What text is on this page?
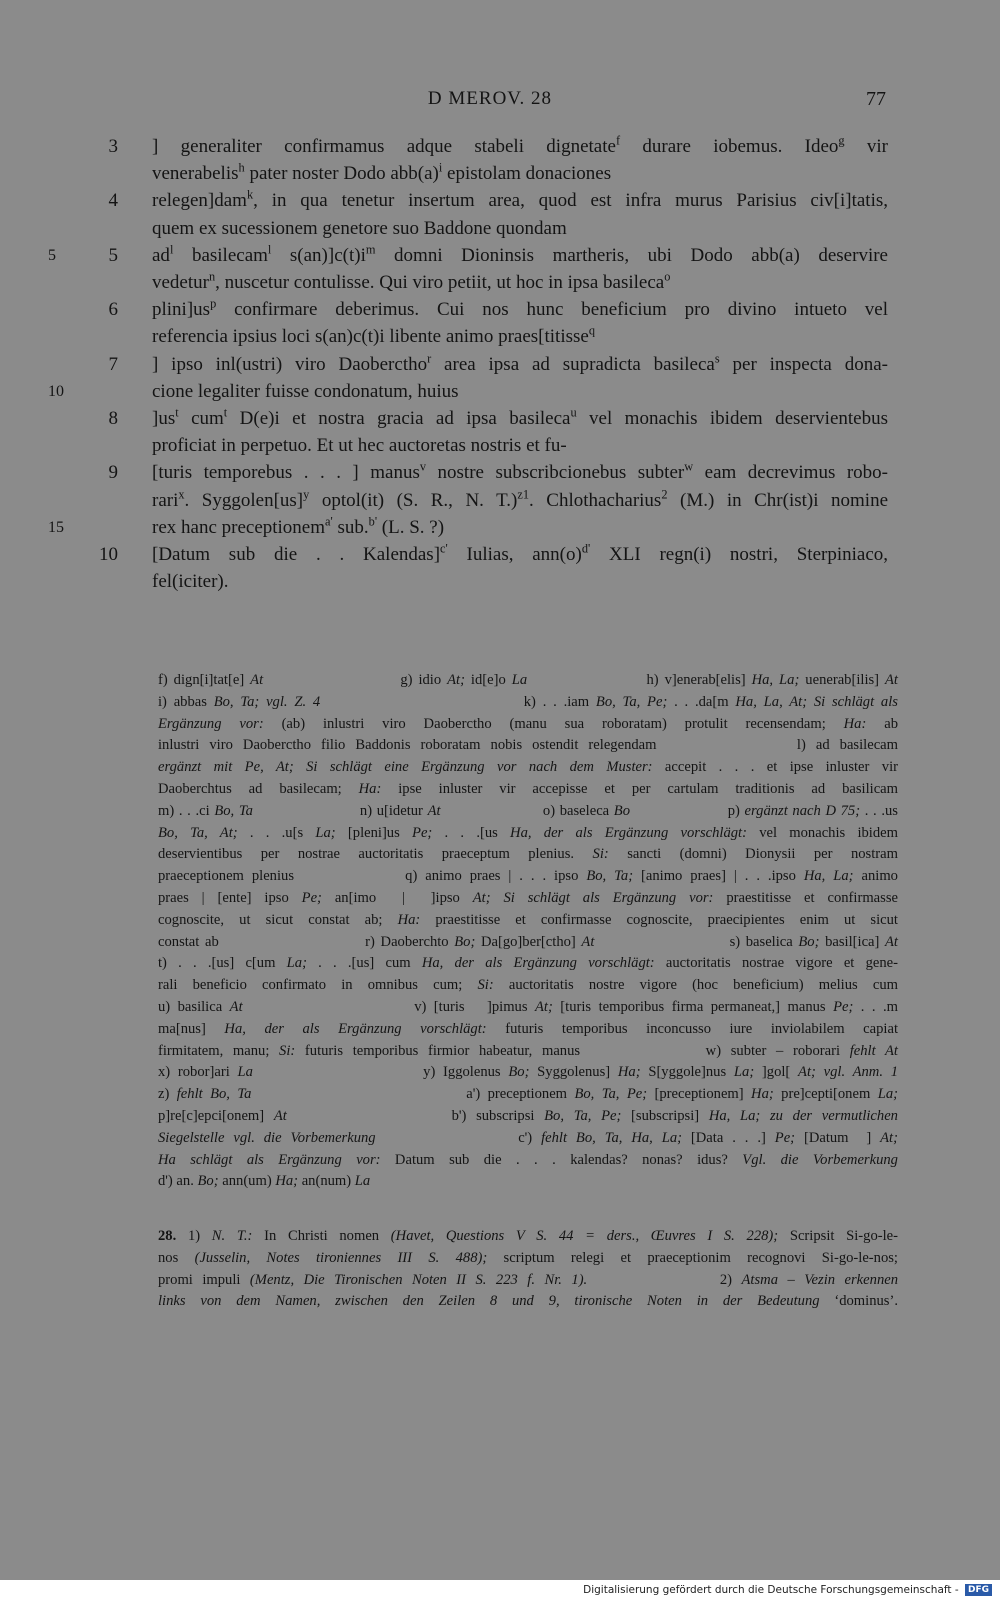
D MEROV. 28	77
3 ] generaliter confirmamus adque stabeli dignetate$^f$ durare iobemus. Ideo$^g$ vir
venerabelis$^h$ pater noster Dodo $abb(a)^i$ epistolam donaciones
4 relegen]dam$^k$, in qua tenetur insertum area, quod est infra murus Parisius civ[i]tatis,
quem ex sucessionem genetore suo Baddone quondam
5	5 $ad^l$ basilecam$^l$ $s(an)]c(t)i^m$ domni Dioninsis martheris, ubi Dodo abb(a) deservire
vedetur$^n$, nuscetur contulisse. Qui viro petiit, ut hoc in ipsa basileca$^o$
6 $plini]us^p$ confirmare deberimus. Cui nos hunc beneficium pro divino intueto vel
referencia ipsius loci s(an)c(t)i libente animo praes[titisse$^q$
7 ] ipso inl(ustri) viro Daoberctho$^r$ area ipsa ad supradicta basileca$^s$ per inspecta dona-
10	cione legaliter fuisse condonatum, huius
8 ]$us^t$ cum$^t$ D(e)i et nostra gracia ad ipsa basileca$^u$ vel monachis ibidem deservientebus
proficiat in perpetuo. Et ut hec auctoretas nostris et fu-
9 [turis temporebus . . . ] manus$^v$ nostre subscribcionebus subter$^w$ eam decrevimus robo-
rari$^x$. Syggolen[us]$^y$ optol(it) (S. R., N. T.)$^{z1}$. Chlothacharius$^2$ (M.) in Chr(ist)i nomine
15	rex hanc preceptionem$^{a'}$ sub.$^{b'}$ (L. S. ?)
10 [Datum sub die . . Kalendas]$^{c'}$ Iulias, $ann(o)^{d'}$ XLI regn(i) nostri, Sterpiniaco,
fel(iciter).
f) dign[i]tat[e] At                       g) idio At; id[e]o La                    h) v]enerab[elis] Ha, La; uenerab[ilis] At
i) abbas Bo, Ta; vgl. Z. 4                              k) . . .iam Bo, Ta, Pe; . . .da[m Ha, La, At; Si schlägt als
Ergänzung vor: (ab) inlustri viro Daoberctho (manu sua roboratam) protulit recensendam; Ha: ab
inlustri viro Daoberctho filio Baddonis roboratam nobis ostendit relegendam              l) ad basilecam
ergänzt mit Pe, At; Si schlägt eine Ergänzung vor nach dem Muster: accepit . . . et ipse inluster vir
Daoberchtus ad basilecam; Ha: ipse inluster vir accepisse et per cartulam traditionis ad basilicam
m) . . .ci Bo, Ta                       n) u[idetur At                      o) baseleca Bo                     p) ergänzt nach D 75; . . .us
Bo, Ta, At; . . .u[s La; [pleni]us Pe; . . .[us Ha, der als Ergänzung vorschlägt: vel monachis ibidem
deservientibus per nostrae auctoritatis praeceptum plenius. Si: sancti (domni) Dionysii per nostram
praeceptionem plenius              q) animo praes | . . . ipso Bo, Ta; [animo praes] | . . .ipso Ha, La; animo
praes | [ente] ipso Pe; an[imo  |  ]ipso At; Si schlägt als Ergänzung vor: praestitisse et confirmasse
cognoscite, ut sicut constat ab; Ha: praestitisse et confirmasse cognoscite, praecipientes enim ut sicut
constat ab                          r) Daoberchto Bo; Da[go]ber[ctho] At                        s) baselica Bo; basil[ica] At
t) . . .[us] c[um La; . . .[us] cum Ha, der als Ergänzung vorschlägt: auctoritatis nostrae vigore et gene-
rali beneficio confirmato in omnibus cum; Si: auctoritatis nostre vigore (hoc beneficium) melius cum
u) basilica At                       v) [turis   ]pimus At; [turis temporibus firma permaneat,] manus Pe; . . .m
ma[nus] Ha, der als Ergänzung vorschlägt: futuris temporibus inconcusso iure inviolabilem capiat
firmitatem, manu; Si: futuris temporibus firmior habeatur, manus             w) subter – roborari fehlt At
x) robor]ari La                      y) Iggolenus Bo; Syggolenus] Ha; S[yggole]nus La; ]gol[ At; vgl. Anm. 1
z) fehlt Bo, Ta                             a') preceptionem Bo, Ta, Pe; [preceptionem] Ha; pre]cepti[onem La;
p]re[c]epci[onem] At                 b') subscripsi Bo, Ta, Pe; [subscripsi] Ha, La; zu der vermutlichen
Siegelstelle vgl. die Vorbemerkung                c') fehlt Bo, Ta, Ha, La; [Data . . .] Pe; [Datum  ] At;
Ha schlägt als Ergänzung vor: Datum sub die . . . kalendas? nonas? idus? Vgl. die Vorbemerkung
d') an. Bo; ann(um) Ha; an(num) La
28. 1) N. T.: In Christi nomen (Havet, Questions V S. 44 = ders., Œuvres I S. 228); Scripsit Si-go-le-
nos (Jusselin, Notes tironiennes III S. 488); scriptum relegi et praeceptionim recognovi Si-go-le-nos;
promi impuli (Mentz, Die Tironischen Noten II S. 223 f. Nr. 1).              2) Atsma – Vezin erkennen
links von dem Namen, zwischen den Zeilen 8 und 9, tironische Noten in der Bedeutung ‘dominus’.
Digitalisierung gefördert durch die Deutsche Forschungsgemeinschaft - DFG
